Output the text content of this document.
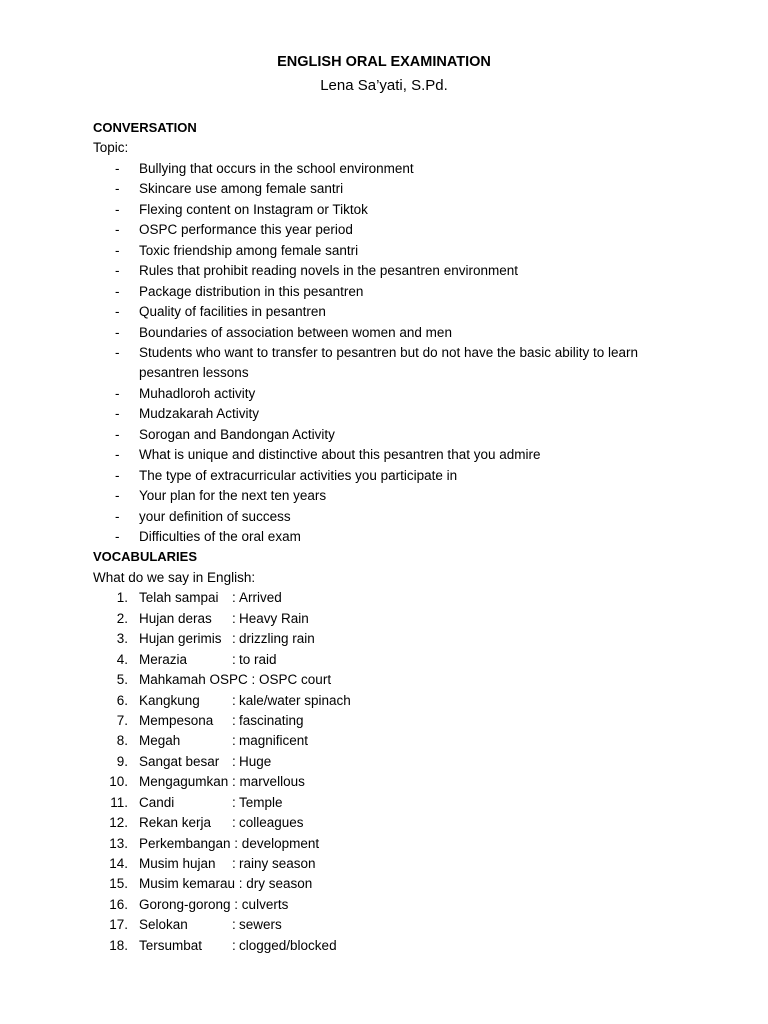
ENGLISH ORAL EXAMINATION
Lena Sa’yati, S.Pd.
CONVERSATION
Topic:
- Bullying that occurs in the school environment
- Skincare use among female santri
- Flexing content on Instagram or Tiktok
- OSPC performance this year period
- Toxic friendship among female santri
- Rules that prohibit reading novels in the pesantren environment
- Package distribution in this pesantren
- Quality of facilities in pesantren
- Boundaries of association between women and men
- Students who want to transfer to pesantren but do not have the basic ability to learn pesantren lessons
- Muhadloroh activity
- Mudzakarah Activity
- Sorogan and Bandongan Activity
- What is unique and distinctive about this pesantren that you admire
- The type of extracurricular activities you participate in
- Your plan for the next ten years
- your definition of success
- Difficulties of the oral exam
VOCABULARIES
What do we say in English:
1. Telah sampai : Arrived
2. Hujan deras : Heavy Rain
3. Hujan gerimis : drizzling rain
4. Merazia	: to raid
5. Mahkamah OSPC : OSPC court
6. Kangkung : kale/water spinach
7. Mempesona : fascinating
8. Megah	: magnificent
9. Sangat besar : Huge
10. Mengagumkan : marvellous
11. Candi	: Temple
12. Rekan kerja : colleagues
13. Perkembangan : development
14. Musim hujan : rainy season
15. Musim kemarau : dry season
16. Gorong-gorong : culverts
17. Selokan	: sewers
18. Tersumbat : clogged/blocked
